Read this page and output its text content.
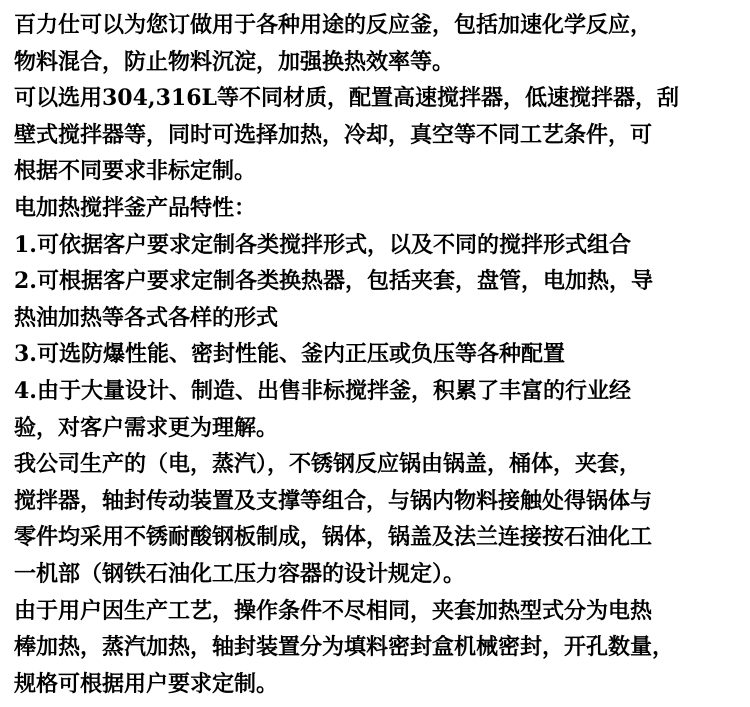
百力仕可以为您订做用于各种用途的反应釜，包括加速化学反应，
物料混合，防止物料沉淀，加强换热效率等。

可以选用304,316L等不同材质，配置高速搅拌器，低速搅拌器，刮
壁式搅拌器等，同时可选择加热，冷却，真空等不同工艺条件，可
根据不同要求非标定制。

电加热搅拌釜产品特性：

1.可依据客户要求定制各类搅拌形式，以及不同的搅拌形式组合

2.可根据客户要求定制各类换热器，包括夹套，盘管，电加热，导
热油加热等各式各样的形式

3.可选防爆性能、密封性能、釜内正压或负压等各种配置

4.由于大量设计、制造、出售非标搅拌釜，积累了丰富的行业经
验，对客户需求更为理解。

我公司生产的（电，蒸汽），不锈钢反应锅由锅盖，桶体，夹套，
搅拌器，轴封传动装置及支撑等组合，与锅内物料接触处得锅体与
零件均采用不锈耐酸钢板制成，锅体，锅盖及法兰连接按石油化工
一机部（钢铁石油化工压力容器的设计规定）。

由于用户因生产工艺，操作条件不尽相同，夹套加热型式分为电热
棒加热，蒸汽加热，轴封装置分为填料密封盒机械密封，开孔数量，
规格可根据用户要求定制。
